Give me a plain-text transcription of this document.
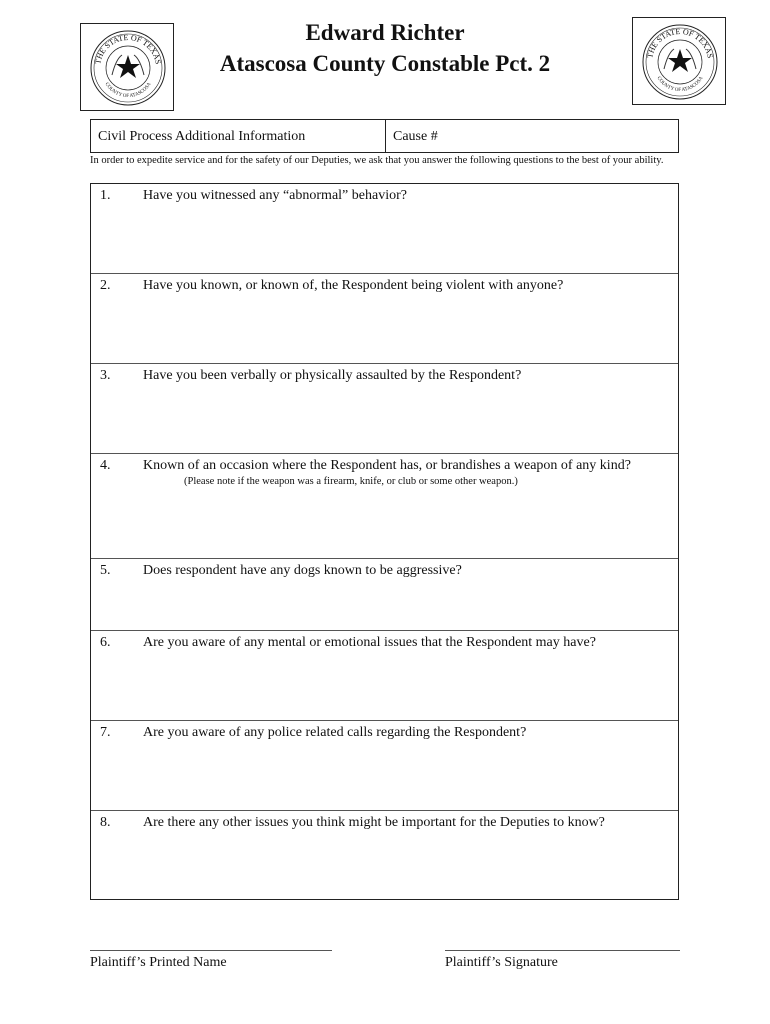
THE STATE OF TEXAS
COUNTY OF ATASCOSA
THE STATE OF TEXAS
COUNTY OF ATASCOSA
Edward Richter
Atascosa County Constable Pct. 2
Civil Process Additional Information	Cause #
In order to expedite service and for the safety of our Deputies, we ask that you answer the following questions to the best of your ability.
1. Have you witnessed any “abnormal” behavior?
2. Have you known, or known of, the Respondent being violent with anyone?
3. Have you been verbally or physically assaulted by the Respondent?
4. Known of an occasion where the Respondent has, or brandishes a weapon of any kind?
(Please note if the weapon was a firearm, knife, or club or some other weapon.)
5. Does respondent have any dogs known to be aggressive?
6. Are you aware of any mental or emotional issues that the Respondent may have?
7. Are you aware of any police related calls regarding the Respondent?
8. Are there any other issues you think might be important for the Deputies to know?
Plaintiff’s Printed Name	Plaintiff’s Signature
